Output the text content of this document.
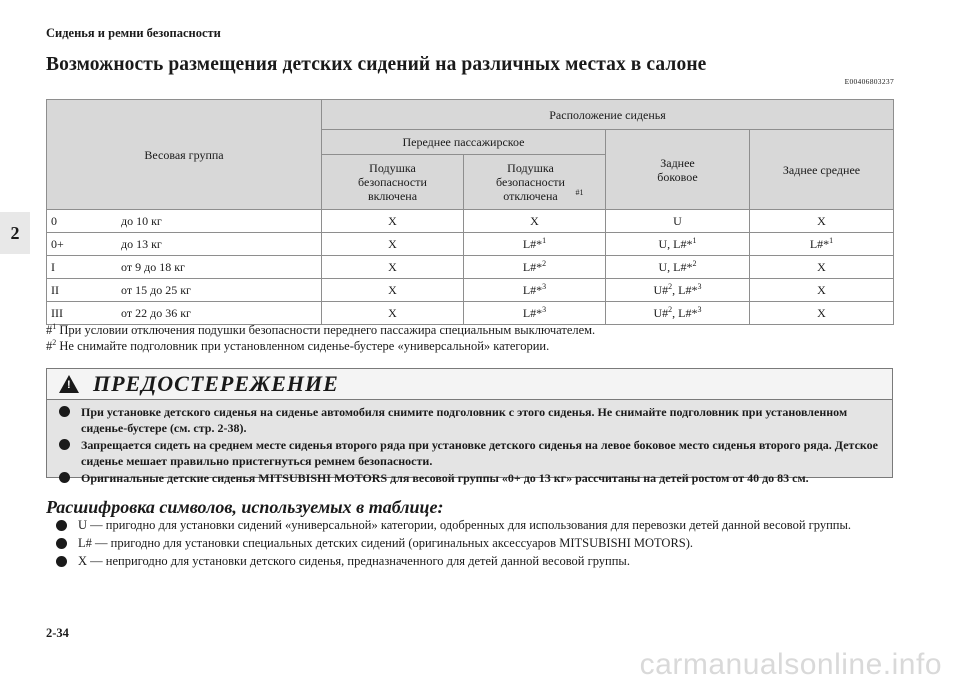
Сиденья и ремни безопасности
Возможность размещения детских сидений на различных местах в салоне
E00406803237
2
Весовая группа	Расположение сиденья			
	Переднее пассажирское		Заднее боковое	Заднее среднее
	Подушка безопасности включена	Подушка безопасности отключена $^{\#1}$
0 до 10 кг	X	X	U	X
0+ до 13 кг	X	L#*$^1$	U, L#*$^1$	L#*$^1$
I от 9 до 18 кг	X	L#*$^2$	U, L#*$^2$	X
II от 15 до 25 кг	X	L#*$^3$	U#$^2$, L#*$^3$	X
III от 22 до 36 кг	X	L#*$^3$	U#$^2$, L#*$^3$	X
#$^1$ При условии отключения подушки безопасности переднего пассажира специальным выключателем.
#$^2$ Не снимайте подголовник при установленном сиденье-бустере «универсальной» категории.
! ПРЕДОСТЕРЕЖЕНИЕ
При установке детского сиденья на сиденье автомобиля снимите подголовник с этого сиденья. Не снимайте подголовник при установленном сиденье-бустере (см. стр. 2-38).
Запрещается сидеть на среднем месте сиденья второго ряда при установке детского сиденья на левое боковое место сиденья второго ряда. Детское сиденье мешает правильно пристегнуться ремнем безопасности.
Оригинальные детские сиденья MITSUBISHI MOTORS для весовой группы «0+ до 13 кг» рассчитаны на детей ростом от 40 до 83 см.
Расшифровка символов, используемых в таблице:
U — пригодно для установки сидений «универсальной» категории, одобренных для использования для перевозки детей данной весовой группы.
L# — пригодно для установки специальных детских сидений (оригинальных аксессуаров MITSUBISHI MOTORS).
X — непригодно для установки детского сиденья, предназначенного для детей данной весовой группы.
2-34
carmanualsonline.info
